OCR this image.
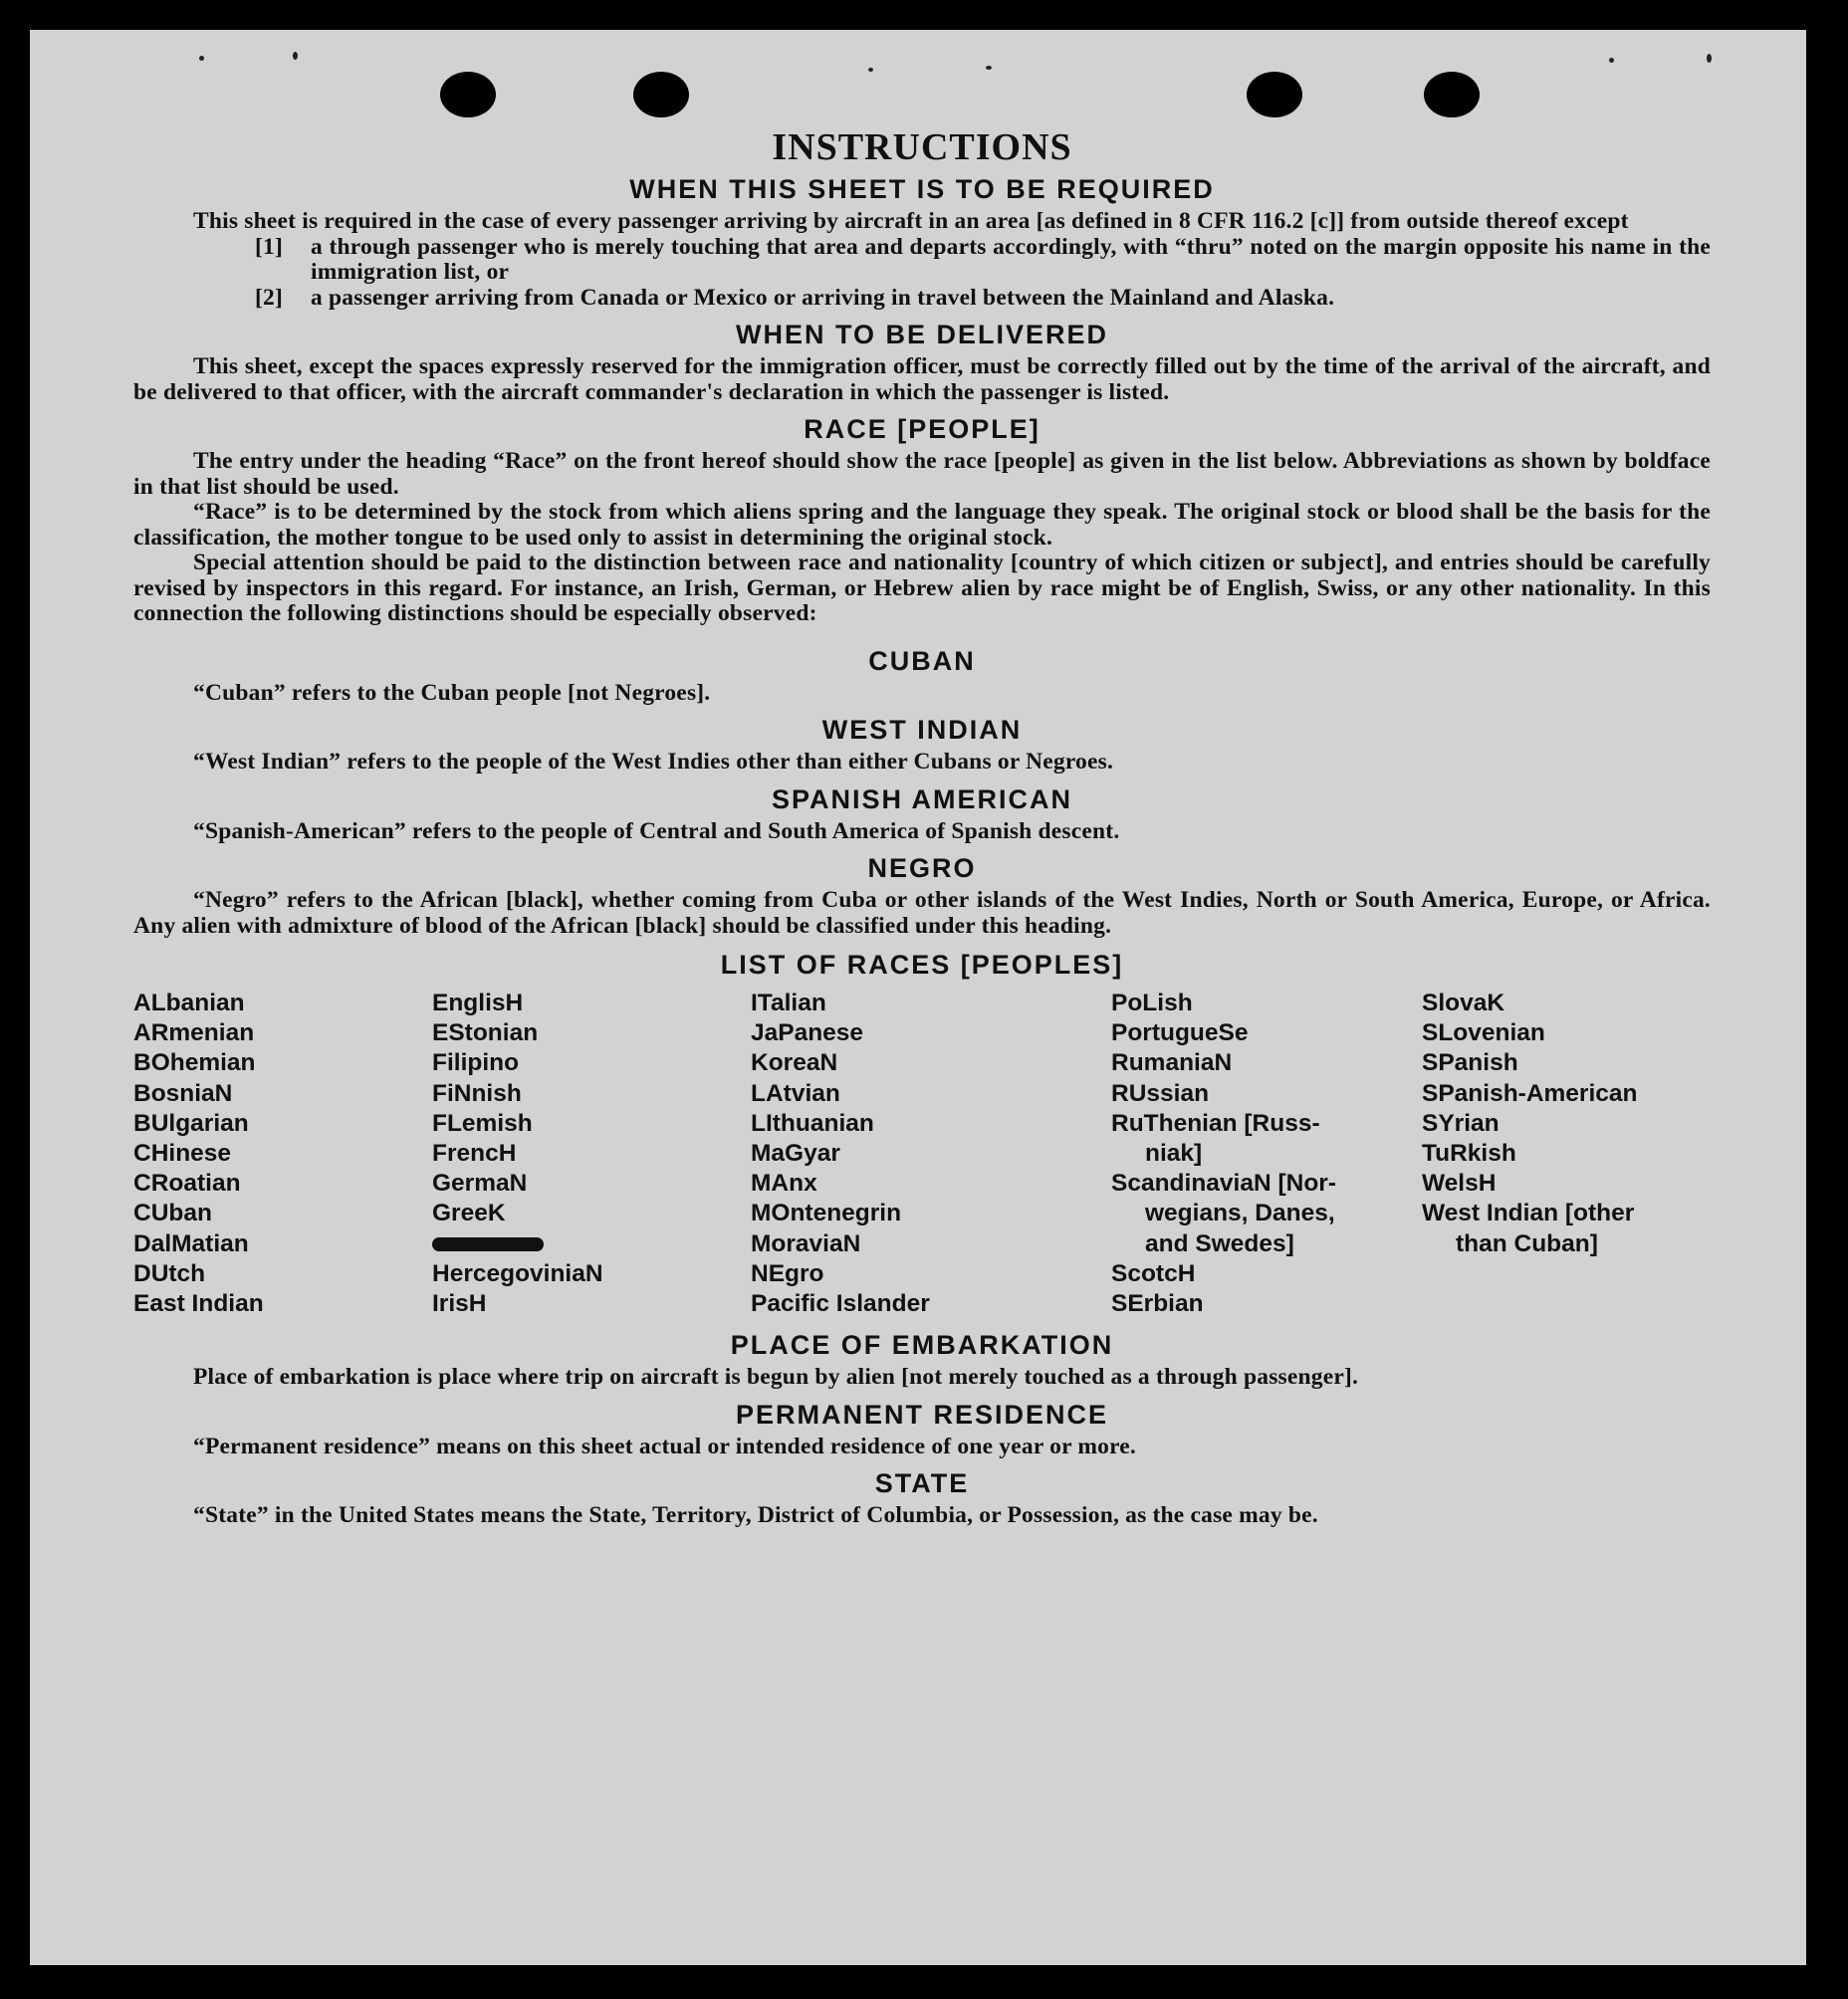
INSTRUCTIONS
WHEN THIS SHEET IS TO BE REQUIRED

This sheet is required in the case of every passenger arriving by aircraft in an area [as defined in 8 CFR 116.2 [c]] from outside thereof except

[1]	a through passenger who is merely touching that area and departs accordingly, with “thru” noted on the margin opposite his name in the immigration list, or

[2]	a passenger arriving from Canada or Mexico or arriving in travel between the Mainland and Alaska.

WHEN TO BE DELIVERED

This sheet, except the spaces expressly reserved for the immigration officer, must be correctly filled out by the time of the arrival of the aircraft, and be delivered to that officer, with the aircraft commander's declaration in which the passenger is listed.

RACE [PEOPLE]

The entry under the heading “Race” on the front hereof should show the race [people] as given in the list below. Abbreviations as shown by boldface in that list should be used.

“Race” is to be determined by the stock from which aliens spring and the language they speak. The original stock or blood shall be the basis for the classification, the mother tongue to be used only to assist in determining the original stock.

Special attention should be paid to the distinction between race and nationality [country of which citizen or subject], and entries should be carefully revised by inspectors in this regard. For instance, an Irish, German, or Hebrew alien by race might be of English, Swiss, or any other nationality. In this connection the following distinctions should be especially observed:

CUBAN

“Cuban” refers to the Cuban people [not Negroes].

WEST INDIAN

“West Indian” refers to the people of the West Indies other than either Cubans or Negroes.

SPANISH AMERICAN

“Spanish-American” refers to the people of Central and South America of Spanish descent.

NEGRO

“Negro” refers to the African [black], whether coming from Cuba or other islands of the West Indies, North or South America, Europe, or Africa. Any alien with admixture of blood of the African [black] should be classified under this heading.

LIST OF RACES [PEOPLES]
ALbanian
ARmenian
BOhemian
BosniaN
BUlgarian
CHinese
CRoatian
CUban
DalMatian
DUtch
East Indian
EnglisH
EStonian
Filipino
FiNnish
FLemish
FrencH
GermaN
GreeK
HercegoviniaN
IrisH
ITalian
JaPanese
KoreaN
LAtvian
LIthuanian
MaGyar
MAnx
MOntenegrin
MoraviaN
NEgro
Pacific Islander
PoLish
PortugueSe
RumaniaN
RUssian
RuThenian [Russ-
niak]
ScandinaviaN [Nor-
wegians, Danes,
and Swedes]
ScotcH
SErbian
SlovaK
SLovenian
SPanish
SPanish-American
SYrian
TuRkish
WelsH
West Indian [other
than Cuban]
PLACE OF EMBARKATION

Place of embarkation is place where trip on aircraft is begun by alien [not merely touched as a through passenger].

PERMANENT RESIDENCE

“Permanent residence” means on this sheet actual or intended residence of one year or more.

STATE

“State” in the United States means the State, Territory, District of Columbia, or Possession, as the case may be.
